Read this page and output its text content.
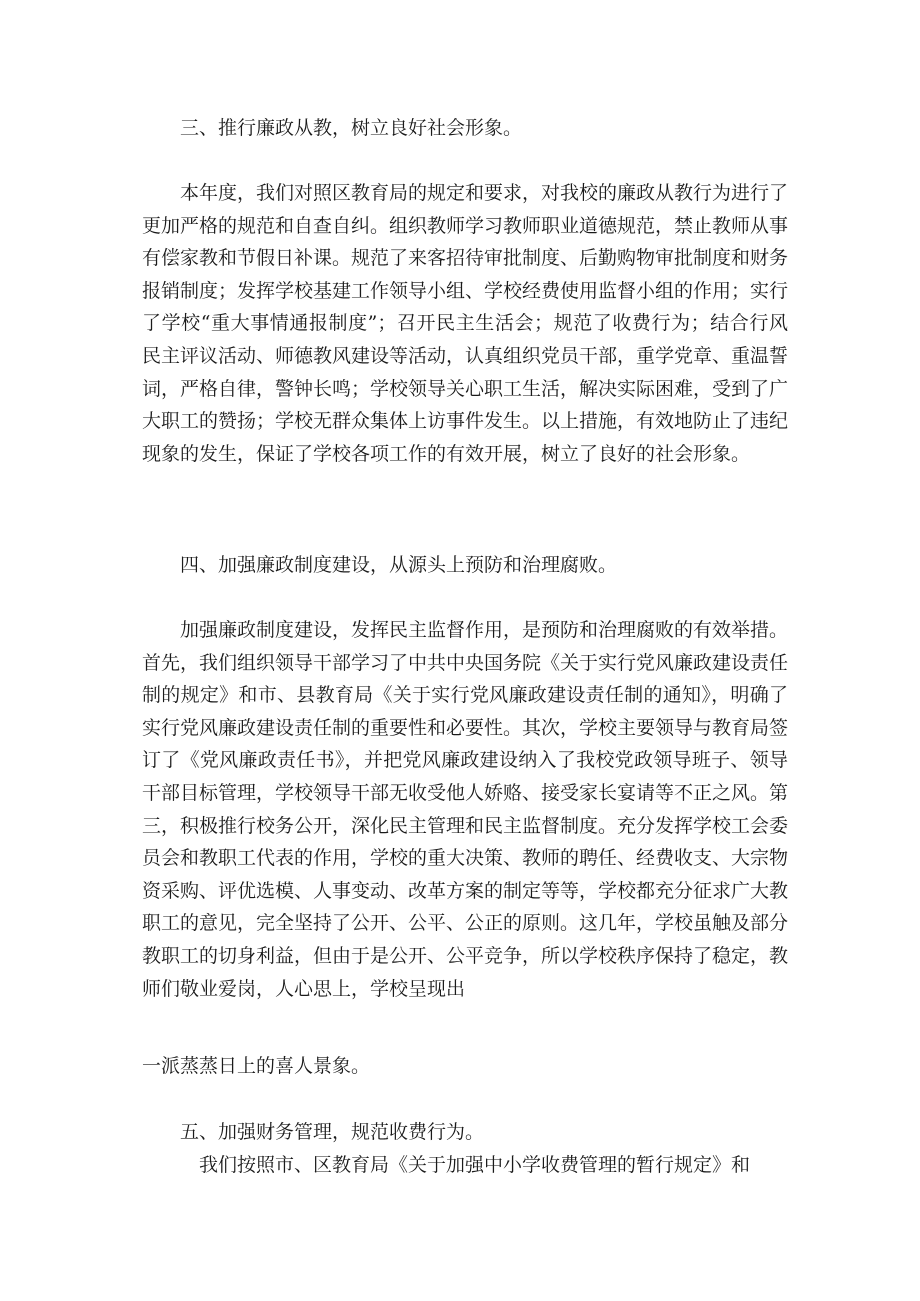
三、推行廉政从教，树立良好社会形象。

本年度，我们对照区教育局的规定和要求，对我校的廉政从教行为进行了更加严格的规范和自查自纠。组织教师学习教师职业道德规范，禁止教师从事有偿家教和节假日补课。规范了来客招待审批制度、后勤购物审批制度和财务报销制度；发挥学校基建工作领导小组、学校经费使用监督小组的作用；实行了学校“重大事情通报制度”；召开民主生活会；规范了收费行为；结合行风民主评议活动、师德教风建设等活动，认真组织党员干部，重学党章、重温誓词，严格自律，警钟长鸣；学校领导关心职工生活，解决实际困难，受到了广大职工的赞扬；学校无群众集体上访事件发生。以上措施，有效地防止了违纪现象的发生，保证了学校各项工作的有效开展，树立了良好的社会形象。

四、加强廉政制度建设，从源头上预防和治理腐败。

加强廉政制度建设，发挥民主监督作用，是预防和治理腐败的有效举措。首先，我们组织领导干部学习了中共中央国务院《关于实行党风廉政建设责任制的规定》和市、县教育局《关于实行党风廉政建设责任制的通知》，明确了实行党风廉政建设责任制的重要性和必要性。其次，学校主要领导与教育局签订了《党风廉政责任书》，并把党风廉政建设纳入了我校党政领导班子、领导干部目标管理，学校领导干部无收受他人娇赂、接受家长宴请等不正之风。第三，积极推行校务公开，深化民主管理和民主监督制度。充分发挥学校工会委员会和教职工代表的作用，学校的重大决策、教师的聘任、经费收支、大宗物资采购、评优选模、人事变动、改革方案的制定等等，学校都充分征求广大教职工的意见，完全坚持了公开、公平、公正的原则。这几年，学校虽触及部分教职工的切身利益，但由于是公开、公平竞争，所以学校秩序保持了稳定，教师们敬业爱岗，人心思上，学校呈现出

一派蒸蒸日上的喜人景象。

五、加强财务管理，规范收费行为。

我们按照市、区教育局《关于加强中小学收费管理的暂行规定》和
